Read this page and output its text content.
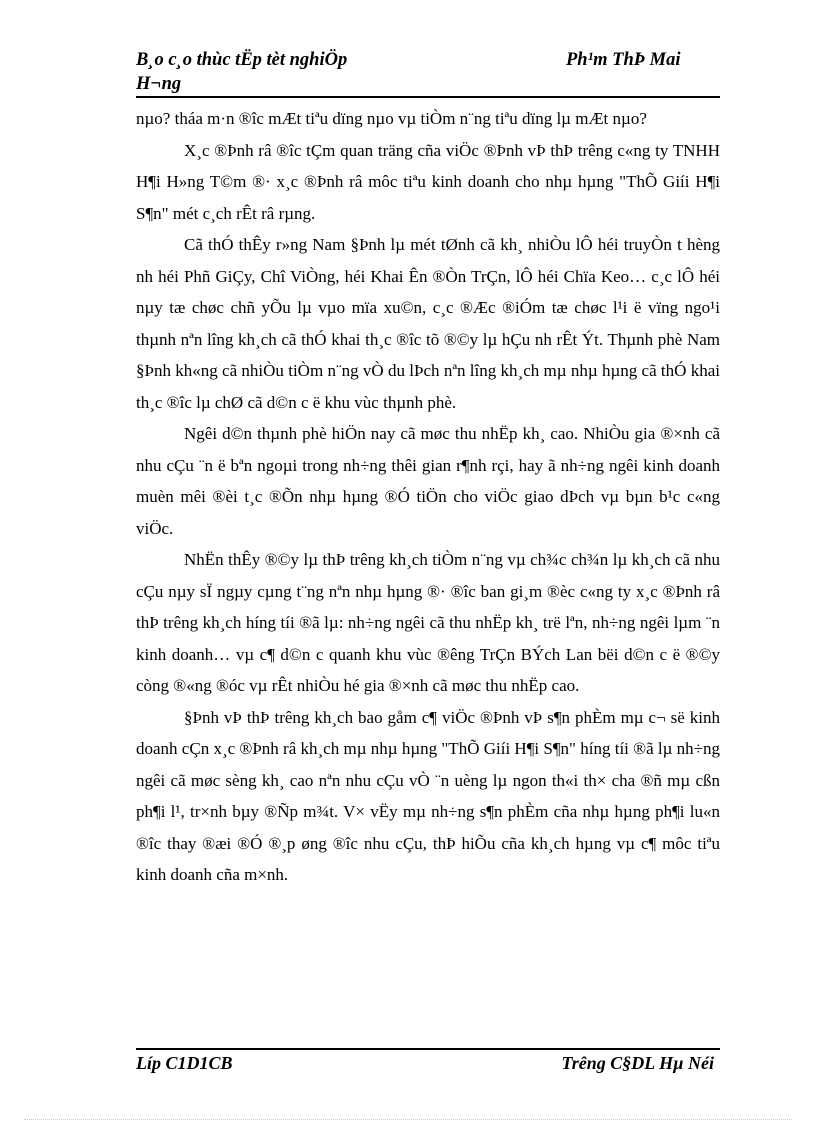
B¸o c¸o thùc tËp tèt nghiÖp	Ph¹m ThÞ Mai
H¬ng

nµo? tháa m·n ®îc mÆt tiªu dïng nµo vµ tiÒm n¨ng tiªu dïng lµ mÆt nµo?

X¸c ®Þnh râ ®îc tÇm quan träng cña viÖc ®Þnh vÞ thÞ trêng c«ng ty TNHH H¶i H»ng T©m ®· x¸c ®Þnh râ môc tiªu kinh doanh cho nhµ hµng "ThÕ Giíi H¶i S¶n" mét c¸ch rÊt râ rµng.

Cã thÓ thÊy r»ng Nam §Þnh lµ mét tØnh cã kh¸ nhiÒu lÔ héi truyÒn t hèng nh héi Phñ GiÇy, Chî ViÒng, héi Khai Ên ®Òn TrÇn, lÔ héi Chïa Keo… c¸c lÔ héi nµy tæ chøc chñ yÕu lµ vµo mïa xu©n, c¸c ®Æc ®iÓm tæ chøc l¹i ë vïng ngo¹i thµnh nªn lîng kh¸ch cã thÓ khai th¸c ®îc tõ ®©y lµ hÇu nh rÊt Ýt. Thµnh phè Nam §Þnh kh«ng cã nhiÒu tiÒm n¨ng vÒ du lÞch nªn lîng kh¸ch mµ nhµ hµng cã thÓ khai th¸c ®îc lµ chØ cã d©n c ë khu vùc thµnh phè.

Ngêi d©n thµnh phè hiÖn nay cã møc thu nhËp kh¸ cao. NhiÒu gia ®×nh cã nhu cÇu ¨n ë bªn ngoµi trong nh÷ng thêi gian r¶nh rçi, hay ã nh÷ng ngêi kinh doanh muèn mêi ®èi t¸c ®Õn nhµ hµng ®Ó tiÖn cho viÖc giao dÞch vµ bµn b¹c c«ng viÖc.

NhËn thÊy ®©y lµ thÞ trêng kh¸ch tiÒm n¨ng vµ ch¾c ch¾n lµ kh¸ch cã nhu cÇu nµy sÏ ngµy cµng t¨ng nªn nhµ hµng ®· ®îc ban gi¸m ®èc c«ng ty x¸c ®Þnh râ thÞ trêng kh¸ch híng tíi ®ã lµ: nh÷ng ngêi cã thu nhËp kh¸ trë lªn, nh÷ng ngêi lµm ¨n kinh doanh… vµ c¶ d©n c quanh khu vùc ®êng TrÇn BÝch Lan bëi d©n c ë ®©y còng ®«ng ®óc vµ rÊt nhiÒu hé gia ®×nh cã møc thu nhËp cao.

§Þnh vÞ thÞ trêng kh¸ch bao gåm c¶ viÖc ®Þnh vÞ s¶n phÈm mµ c¬ së kinh doanh cÇn x¸c ®Þnh râ kh¸ch mµ nhµ hµng "ThÕ Giíi H¶i S¶n" híng tíi ®ã lµ nh÷ng ngêi cã møc sèng kh¸ cao nªn nhu cÇu vÒ ¨n uèng lµ ngon th«i th× cha ®ñ mµ cßn ph¶i l¹, tr×nh bµy ®Ñp m¾t. V× vËy mµ nh÷ng s¶n phÈm cña nhµ hµng ph¶i lu«n ®îc thay ®æi ®Ó ®¸p øng ®îc nhu cÇu, thÞ hiÕu cña kh¸ch hµng vµ c¶ môc tiªu kinh doanh cña m×nh.

Líp C1D1CB	Trêng C§DL Hµ Néi
